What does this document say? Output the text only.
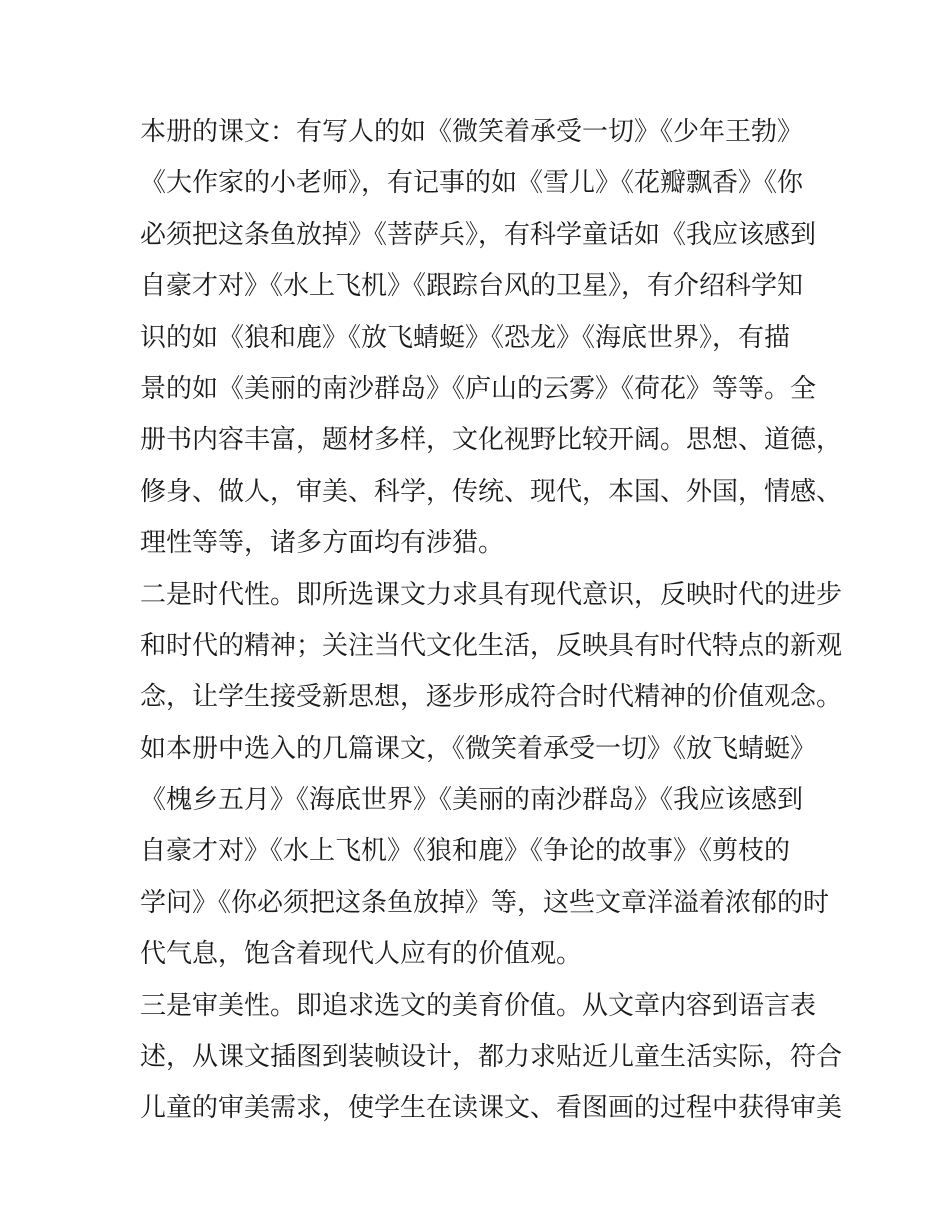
本册的课文：有写人的如《微笑着承受一切》《少年王勃》
《大作家的小老师》，有记事的如《雪儿》《花瓣飘香》《你
必须把这条鱼放掉》《菩萨兵》，有科学童话如《我应该感到
自豪才对》《水上飞机》《跟踪台风的卫星》，有介绍科学知
识的如《狼和鹿》《放飞蜻蜓》《恐龙》《海底世界》，有描
景的如《美丽的南沙群岛》《庐山的云雾》《荷花》等等。全
册书内容丰富，题材多样，文化视野比较开阔。思想、道德，
修身、做人，审美、科学，传统、现代，本国、外国，情感、
理性等等，诸多方面均有涉猎。
二是时代性。即所选课文力求具有现代意识，反映时代的进步
和时代的精神；关注当代文化生活，反映具有时代特点的新观
念，让学生接受新思想，逐步形成符合时代精神的价值观念。
如本册中选入的几篇课文，《微笑着承受一切》《放飞蜻蜓》
《槐乡五月》《海底世界》《美丽的南沙群岛》《我应该感到
自豪才对》《水上飞机》《狼和鹿》《争论的故事》《剪枝的
学问》《你必须把这条鱼放掉》等，这些文章洋溢着浓郁的时
代气息，饱含着现代人应有的价值观。
三是审美性。即追求选文的美育价值。从文章内容到语言表
述，从课文插图到装帧设计，都力求贴近儿童生活实际，符合
儿童的审美需求，使学生在读课文、看图画的过程中获得审美
